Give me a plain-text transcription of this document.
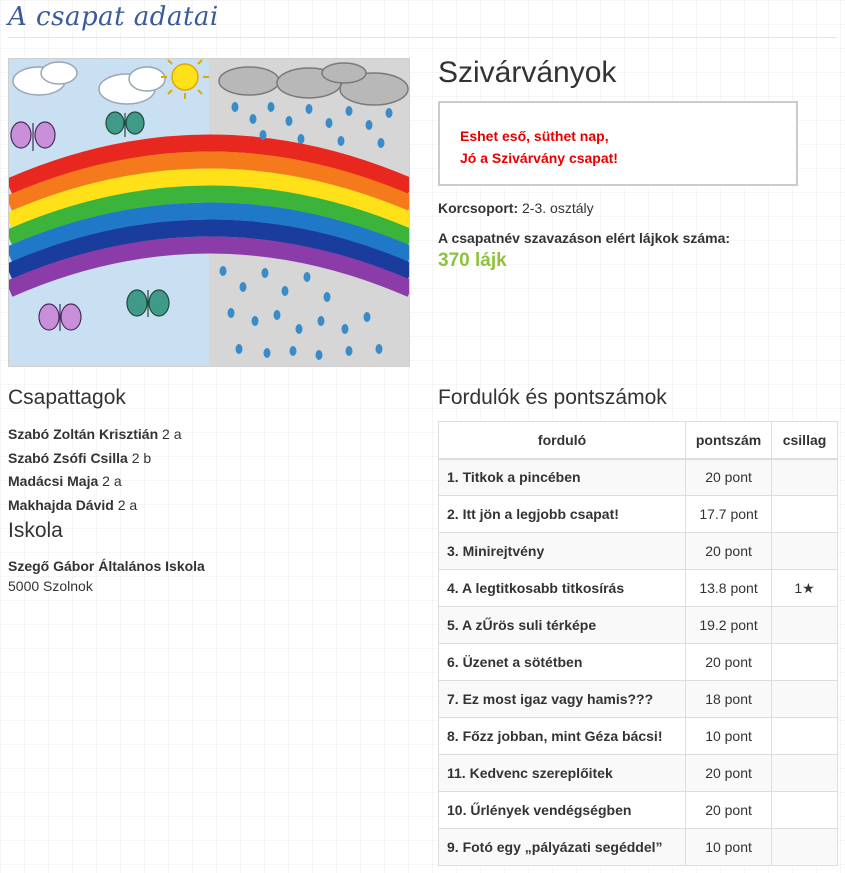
A csapat adatai
Szivárványok
Eshet eső, süthet nap,
Jó a Szivárvány csapat!
Korcsoport: 2-3. osztály
A csapatnév szavazáson elért lájkok száma:
370 lájk
Csapattagok
Szabó Zoltán Krisztián 2 a
Szabó Zsófi Csilla 2 b
Madácsi Maja 2 a
Makhajda Dávid 2 a
Iskola
Szegő Gábor Általános Iskola
5000 Szolnok
Fordulók és pontszámok
forduló	pontszám	csillag
1. Titkok a pincében	20 pont	
2. Itt jön a legjobb csapat!	17.7 pont	
3. Minirejtvény	20 pont	
4. A legtitkosabb titkosírás	13.8 pont	1★
5. A zŰrös suli térképe	19.2 pont	
6. Üzenet a sötétben	20 pont	
7. Ez most igaz vagy hamis???	18 pont	
8. Főzz jobban, mint Géza bácsi!	10 pont	
11. Kedvenc szereplőitek	20 pont	
10. Űrlények vendégségben	20 pont	
9. Fotó egy „pályázati segéddel”	10 pont	
